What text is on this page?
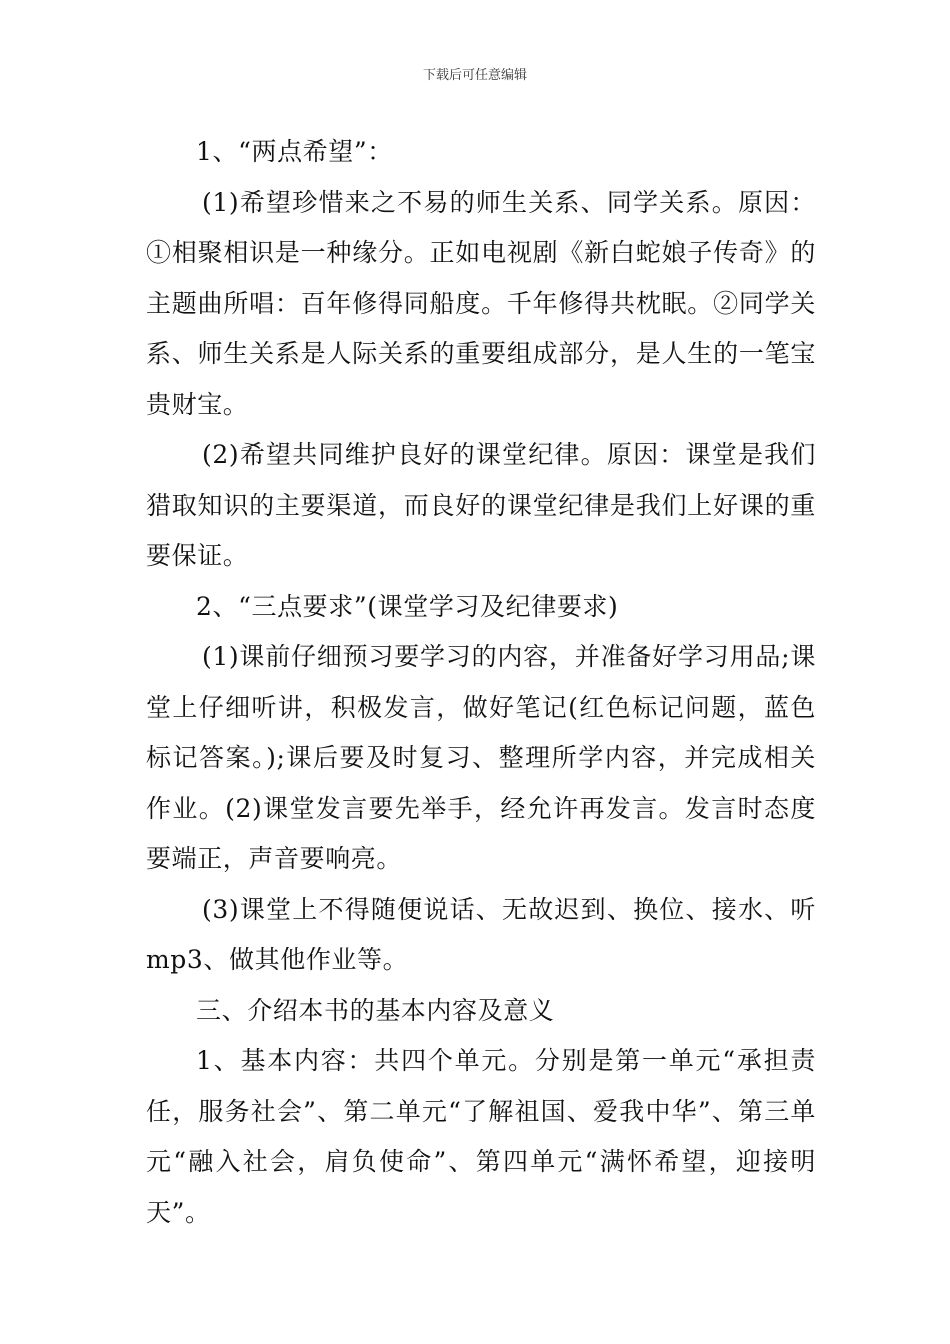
下载后可任意编辑

1、“两点希望”：

(1)希望珍惜来之不易的师生关系、同学关系。原因：①相聚相识是一种缘分。正如电视剧《新白蛇娘子传奇》的主题曲所唱：百年修得同船度。千年修得共枕眠。②同学关系、师生关系是人际关系的重要组成部分，是人生的一笔宝贵财宝。

(2)希望共同维护良好的课堂纪律。原因：课堂是我们猎取知识的主要渠道，而良好的课堂纪律是我们上好课的重要保证。

2、“三点要求”(课堂学习及纪律要求)

(1)课前仔细预习要学习的内容，并准备好学习用品;课堂上仔细听讲，积极发言，做好笔记(红色标记问题，蓝色标记答案。);课后要及时复习、整理所学内容，并完成相关作业。(2)课堂发言要先举手，经允许再发言。发言时态度要端正，声音要响亮。

(3)课堂上不得随便说话、无故迟到、换位、接水、听mp3、做其他作业等。

三、介绍本书的基本内容及意义

1、基本内容：共四个单元。分别是第一单元“承担责任，服务社会”、第二单元“了解祖国、爱我中华”、第三单元“融入社会，肩负使命”、第四单元“满怀希望，迎接明天”。
